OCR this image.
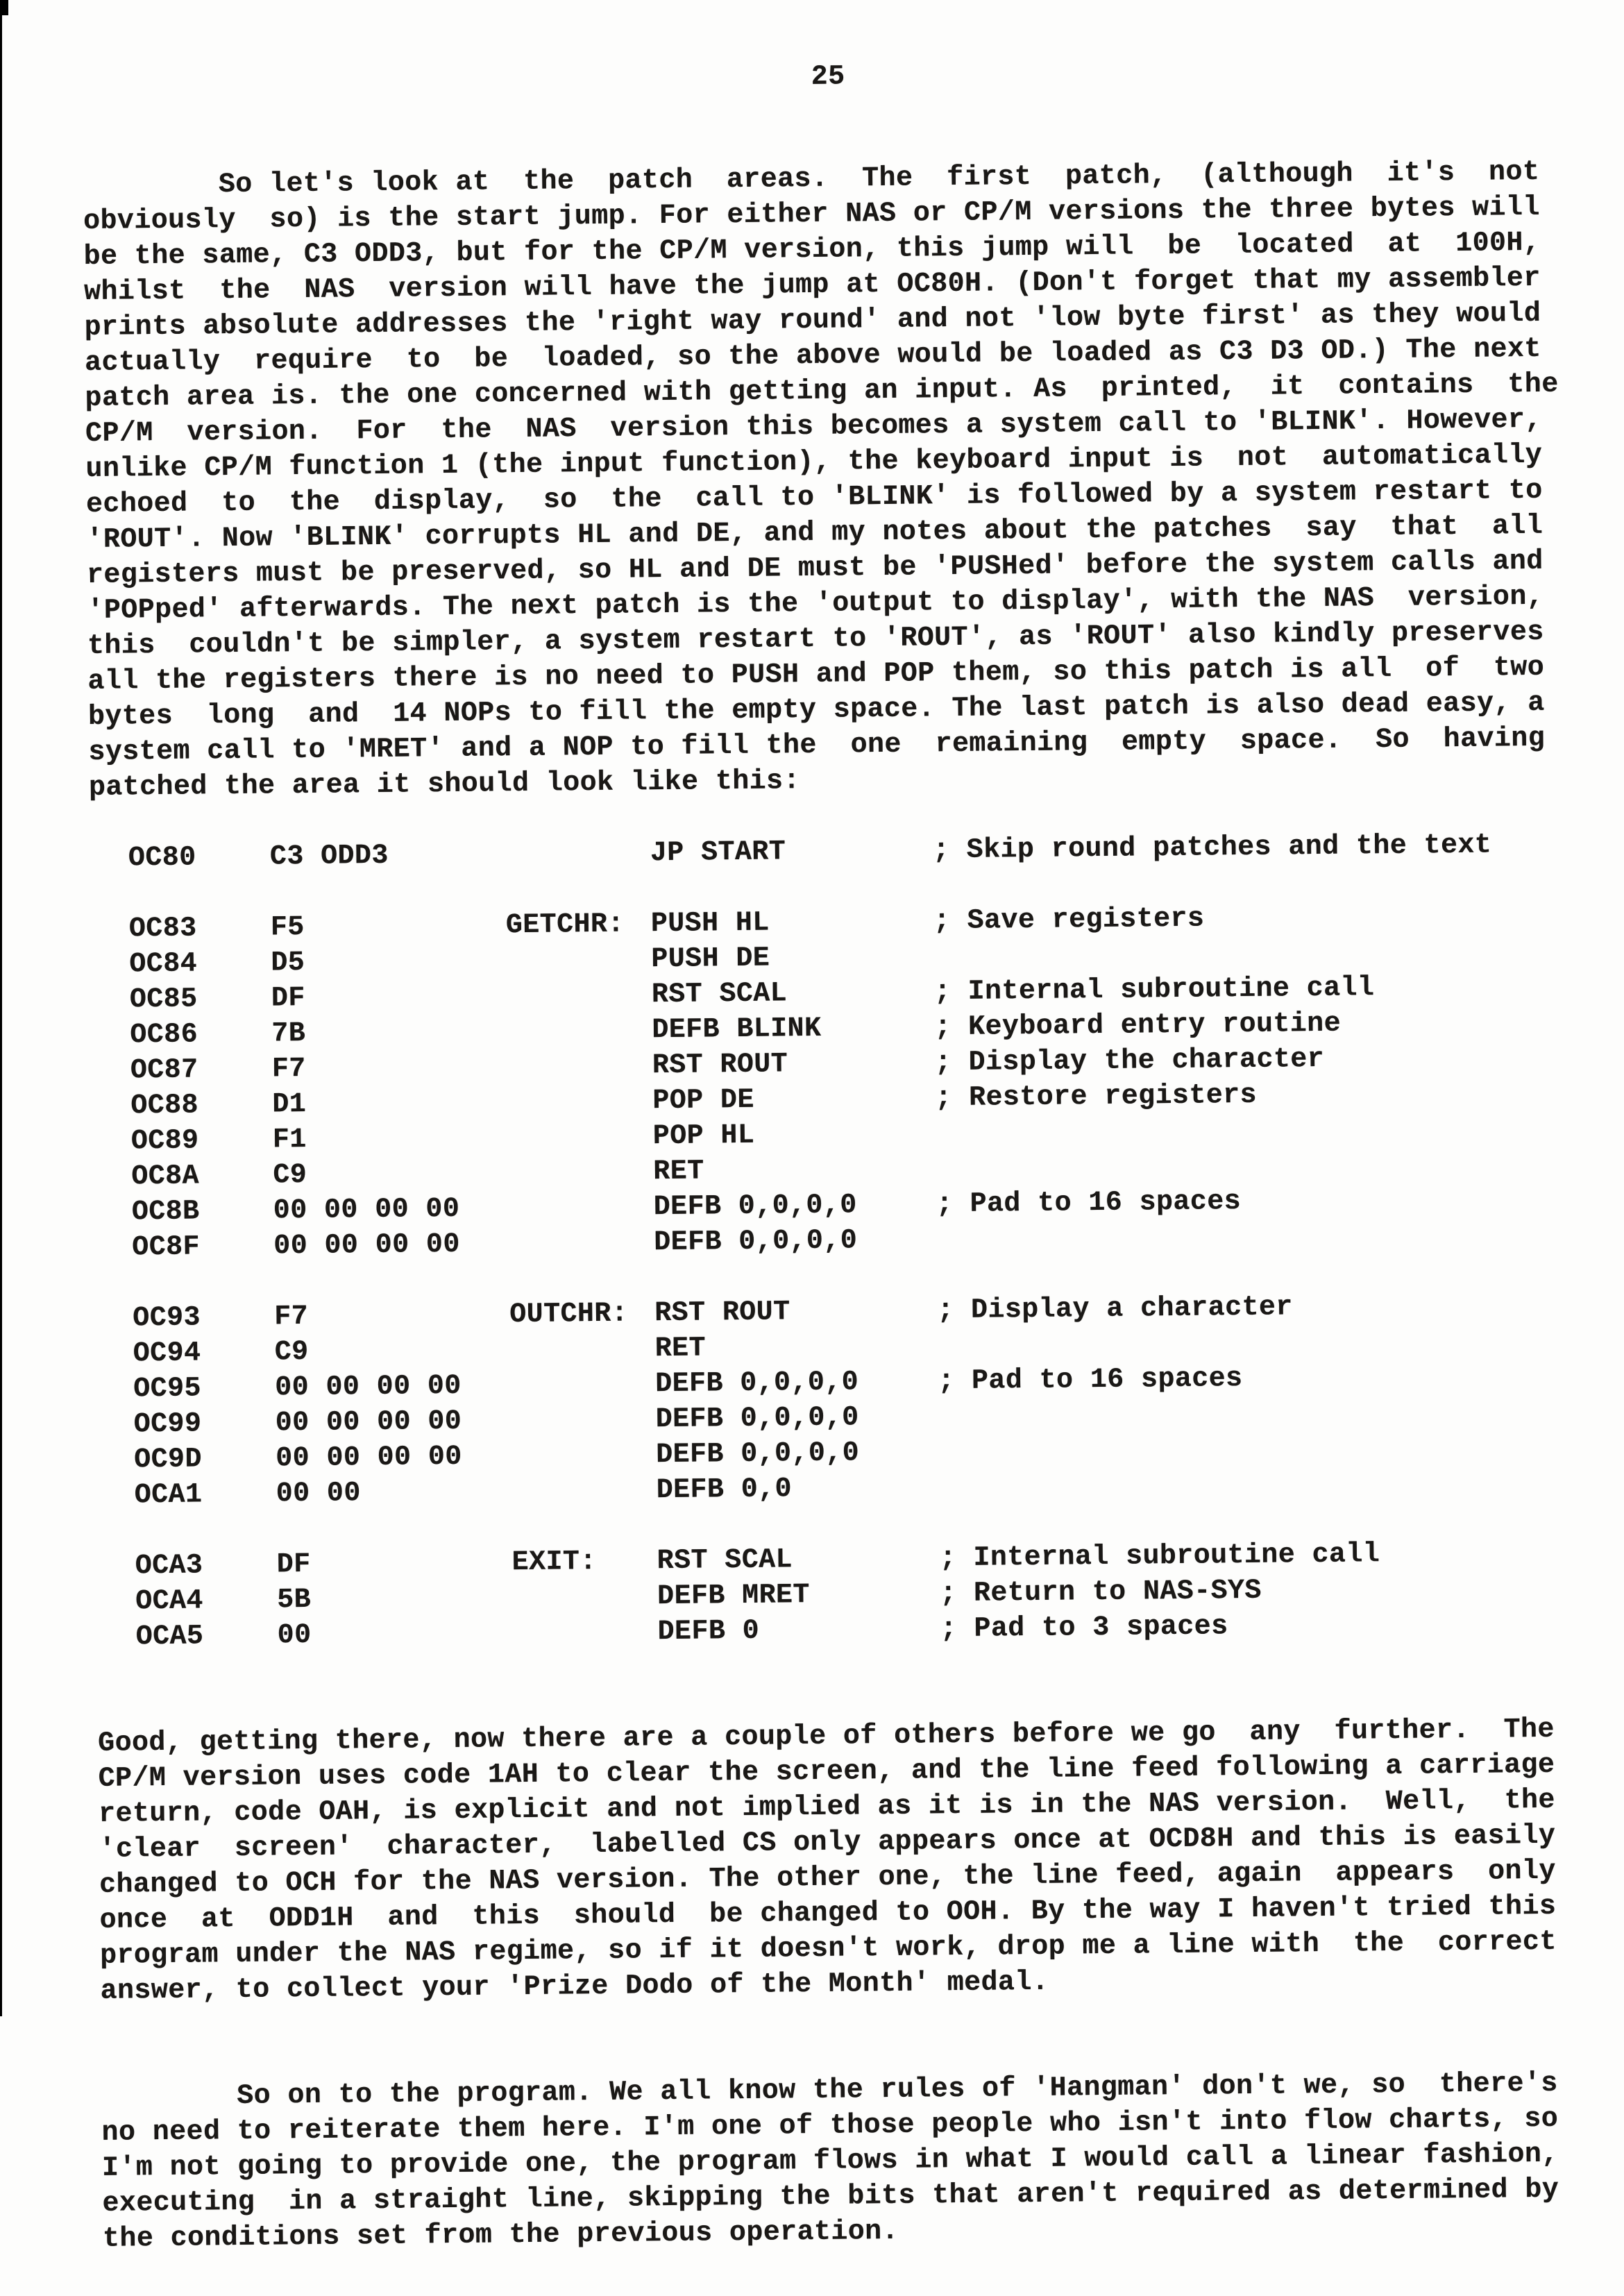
25
So let's look at  the  patch  areas.  The  first  patch,  (although  it's  not
obviously  so) is the start jump. For either NAS or CP/M versions the three bytes will
be the same, C3 ODD3, but for the CP/M version, this jump will  be  located  at  100H,
whilst  the  NAS  version will have the jump at OC80H. (Don't forget that my assembler
prints absolute addresses the 'right way round' and not 'low byte first' as they would
actually  require  to  be  loaded, so the above would be loaded as C3 D3 OD.) The next
patch area is. the one concerned with getting an input. As  printed,  it  contains  the
CP/M  version.  For  the  NAS  version this becomes a system call to 'BLINK'. However,
unlike CP/M function 1 (the input function), the keyboard input is  not  automatically
echoed  to  the  display,  so  the  call to 'BLINK' is followed by a system restart to
'ROUT'. Now 'BLINK' corrupts HL and DE, and my notes about the patches  say  that  all
registers must be preserved, so HL and DE must be 'PUSHed' before the system calls and
'POPped' afterwards. The next patch is the 'output to display', with the NAS  version,
this  couldn't be simpler, a system restart to 'ROUT', as 'ROUT' also kindly preserves
all the registers there is no need to PUSH and POP them, so this patch is all  of  two
bytes  long  and  14 NOPs to fill the empty space. The last patch is also dead easy, a
system call to 'MRET' and a NOP to fill the  one  remaining  empty  space.  So  having
patched the area it should look like this:
OC80	C3 ODD3	JP START	; Skip round patches and the text
OC83	F5	GETCHR: PUSH HL	; Save registers
OC84	D5	PUSH DE
OC85	DF	RST SCAL	; Internal subroutine call
OC86	7B	DEFB BLINK	; Keyboard entry routine
OC87	F7	RST ROUT	; Display the character
OC88	D1	POP DE	; Restore registers
OC89	F1	POP HL
OC8A	C9	RET
OC8B	00 00 00 00	DEFB 0,0,0,0	; Pad to 16 spaces
OC8F	00 00 00 00	DEFB 0,0,0,0
OC93	F7	OUTCHR: RST ROUT	; Display a character
OC94	C9	RET
OC95	00 00 00 00	DEFB 0,0,0,0	; Pad to 16 spaces
OC99	00 00 00 00	DEFB 0,0,0,0
OC9D	00 00 00 00	DEFB 0,0,0,0
OCA1	00 00	DEFB 0,0
OCA3	DF	EXIT:	RST SCAL	; Internal subroutine call
OCA4	5B	DEFB MRET	; Return to NAS-SYS
OCA5	00	DEFB 0	; Pad to 3 spaces
Good, getting there, now there are a couple of others before we go  any  further.  The
CP/M version uses code 1AH to clear the screen, and the line feed following a carriage
return, code OAH, is explicit and not implied as it is in the NAS version.  Well,  the
'clear  screen'  character,  labelled CS only appears once at OCD8H and this is easily
changed to OCH for the NAS version. The other one, the line feed, again  appears  only
once  at  ODD1H  and  this  should  be changed to OOH. By the way I haven't tried this
program under the NAS regime, so if it doesn't work, drop me a line with  the  correct
answer, to collect your 'Prize Dodo of the Month' medal.
So on to the program. We all know the rules of 'Hangman' don't we, so  there's
no need to reiterate them here. I'm one of those people who isn't into flow charts, so
I'm not going to provide one, the program flows in what I would call a linear fashion,
executing  in a straight line, skipping the bits that aren't required as determined by
the conditions set from the previous operation.
